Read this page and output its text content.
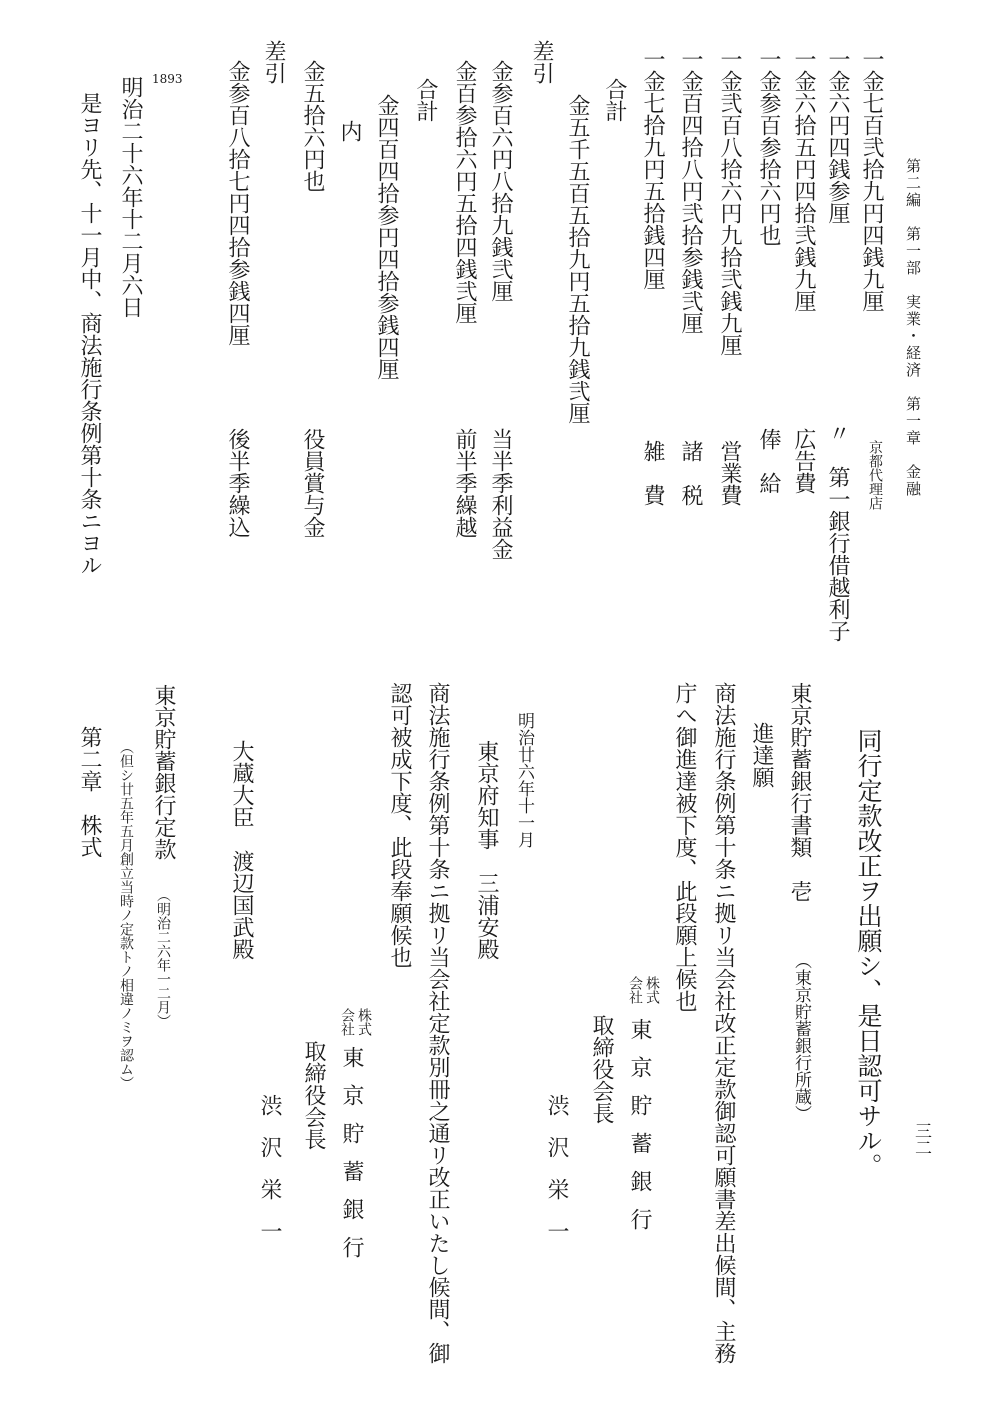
第二編　第一部　実業・経済　第一章　金融
三二
一金七百弐拾九円四銭九厘
一金六円四銭参厘
一金六拾五円四拾弐銭九厘
一金参百参拾六円也
一金弐百八拾六円九拾弐銭九厘
一金百四拾八円弐拾参銭弐厘
一金七拾九円五拾銭四厘
京都代理店
〃　第一銀行借越利子
広告費
俸　給
営業費
諸　税
雑　費
合計
金五千五百五拾九円五拾九銭弐厘
差引
金参百六円八拾九銭弐厘
当半季利益金
金百参拾六円五拾四銭弐厘
前半季繰越
合計
金四百四拾参円四拾参銭四厘
内
金五拾六円也
役員賞与金
差引
金参百八拾七円四拾参銭四厘
後半季繰込
1893
明治二十六年十二月六日
是ヨリ先、十一月中、商法施行条例第十条ニヨル
同行定款改正ヲ出願シ、是日認可サル。
東京貯蓄銀行書類　壱
（東京貯蓄銀行所蔵）
進達願
商法施行条例第十条ニ拠リ当会社改正定款御認可願書差出候間、主務
庁へ御進達被下度、此段願上候也
株式
会社
東京貯蓄銀行
取締役会長
渋沢栄一
明治廿六年十一月
東京府知事　三浦安殿
商法施行条例第十条ニ拠リ当会社定款別冊之通リ改正いたし候間、御
認可被成下度、此段奉願候也
株式
会社
東京貯蓄銀行
取締役会長
渋沢栄一
大蔵大臣　渡辺国武殿
東京貯蓄銀行定款
（明治二六年一二月）
（但シ廿五年五月創立当時ノ定款トノ相違ノミヲ認ム）
第二章　株式
